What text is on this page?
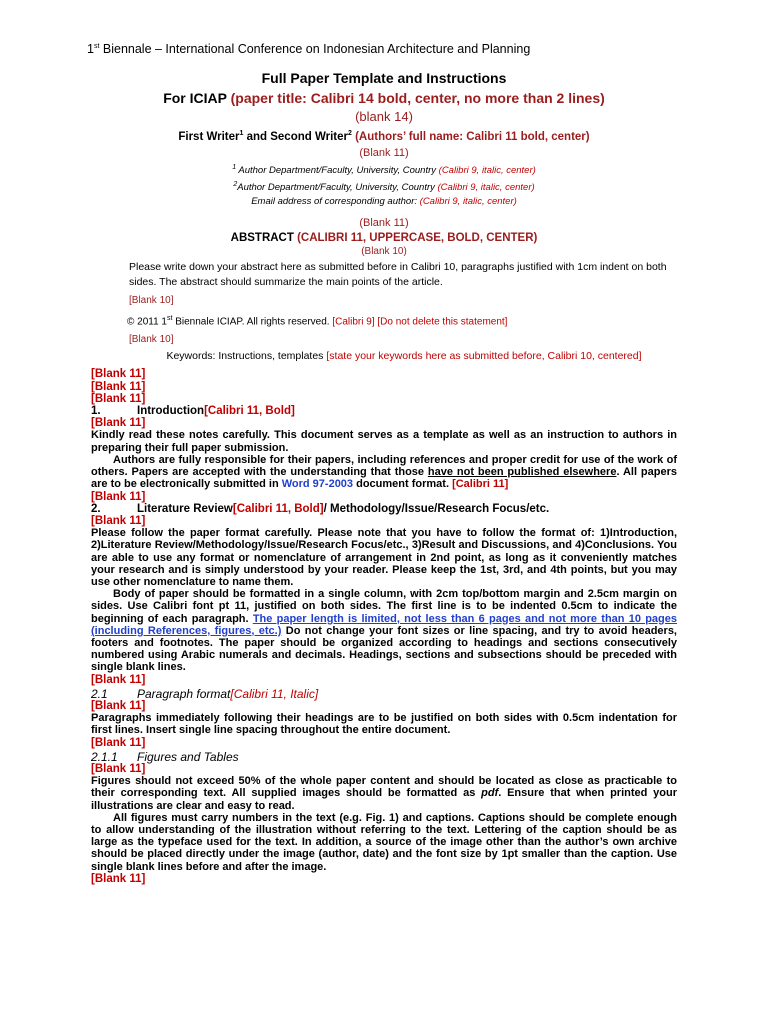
1st Biennale – International Conference on Indonesian Architecture and Planning
Full Paper Template and Instructions
For ICIAP (paper title: Calibri 14 bold, center, no more than 2 lines)
(blank 14)
First Writer$^1$ and Second Writer$^2$ (Authors’ full name: Calibri 11 bold, center)
(Blank 11)
$^1$ Author Department/Faculty, University, Country (Calibri 9, italic, center)
$^2$Author Department/Faculty, University, Country (Calibri 9, italic, center)
Email address of corresponding author: (Calibri 9, italic, center)
(Blank 11)
ABSTRACT (CALIBRI 11, UPPERCASE, BOLD, CENTER)
(Blank 10)
Please write down your abstract here as submitted before in Calibri 10, paragraphs justified with 1cm indent on both sides. The abstract should summarize the main points of the article.
[Blank 10]
© 2011 1st Biennale ICIAP. All rights reserved. [Calibri 9] [Do not delete this statement]
[Blank 10]
Keywords: Instructions, templates [state your keywords here as submitted before, Calibri 10, centered]
[Blank 11]
[Blank 11]
[Blank 11]
1.	Introduction [Calibri 11, Bold]
[Blank 11]

Kindly read these notes carefully. This document serves as a template as well as an instruction to authors in preparing their full paper submission.

Authors are fully responsible for their papers, including references and proper credit for use of the work of others. Papers are accepted with the understanding that those have not been published elsewhere. All papers are to be electronically submitted in Word 97-2003 document format. [Calibri 11]

[Blank 11]
2.	Literature Review [Calibri 11, Bold] / Methodology/Issue/Research Focus/etc.
[Blank 11]

Please follow the paper format carefully. Please note that you have to follow the format of: 1)Introduction, 2)Literature Review/Methodology/Issue/Research Focus/etc., 3)Result and Discussions, and 4)Conclusions. You are able to use any format or nomenclature of arrangement in 2nd point, as long as it conveniently matches your research and is simply understood by your reader. Please keep the 1st, 3rd, and 4th points, but you may use other nomenclature to name them.

Body of paper should be formatted in a single column, with 2cm top/bottom margin and 2.5cm margin on sides. Use Calibri font pt 11, justified on both sides. The first line is to be indented 0.5cm to indicate the beginning of each paragraph. The paper length is limited, not less than 6 pages and not more than 10 pages (including References, figures, etc.) Do not change your font sizes or line spacing, and try to avoid headers, footers and footnotes. The paper should be organized according to headings and sections consecutively numbered using Arabic numerals and decimals. Headings, sections and subsections should be preceded with single blank lines.

[Blank 11]
2.1	Paragraph format [Calibri 11, Italic]
[Blank 11]

Paragraphs immediately following their headings are to be justified on both sides with 0.5cm indentation for first lines. Insert single line spacing throughout the entire document.

[Blank 11]
2.1.1	Figures and Tables
[Blank 11]

Figures should not exceed 50% of the whole paper content and should be located as close as practicable to their corresponding text. All supplied images should be formatted as pdf. Ensure that when printed your illustrations are clear and easy to read.

All figures must carry numbers in the text (e.g. Fig. 1) and captions. Captions should be complete enough to allow understanding of the illustration without referring to the text. Lettering of the caption should be as large as the typeface used for the text. In addition, a source of the image other than the author’s own archive should be placed directly under the image (author, date) and the font size by 1pt smaller than the caption. Use single blank lines before and after the image.

[Blank 11]
